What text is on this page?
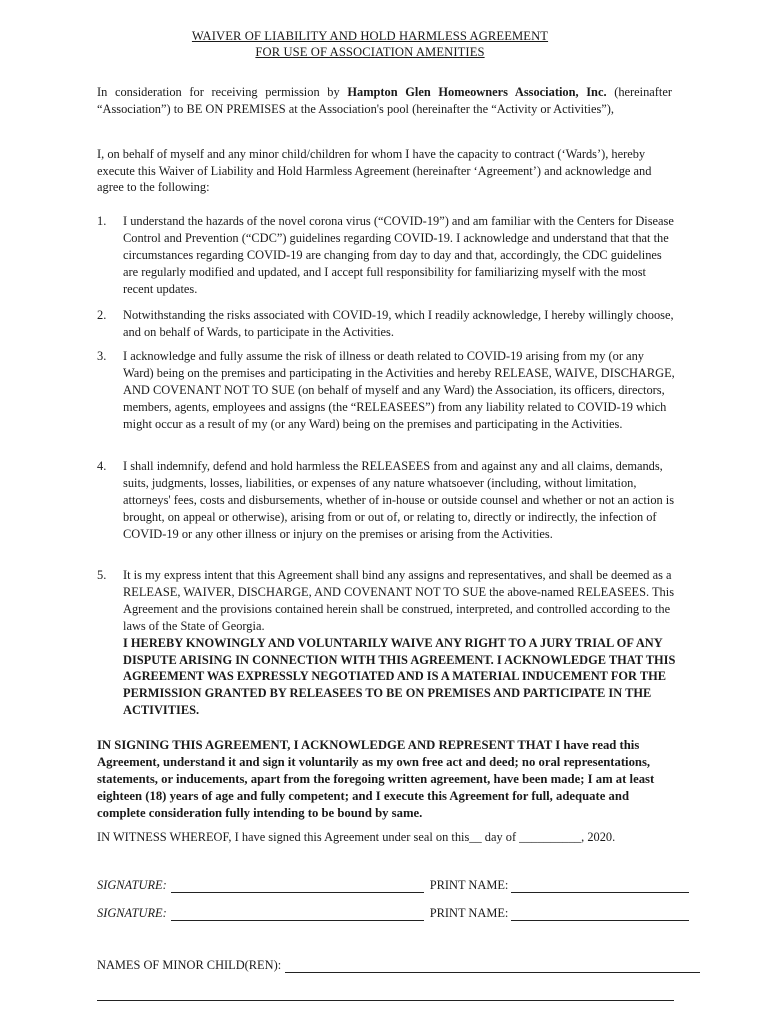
WAIVER OF LIABILITY AND HOLD HARMLESS AGREEMENT
FOR USE OF ASSOCIATION AMENITIES
In consideration for receiving permission by Hampton Glen Homeowners Association, Inc. (hereinafter “Association”) to BE ON PREMISES at the Association's pool (hereinafter the “Activity or Activities”),
I, on behalf of myself and any minor child/children for whom I have the capacity to contract (‘Wards’), hereby execute this Waiver of Liability and Hold Harmless Agreement (hereinafter ‘Agreement’) and acknowledge and agree to the following:
1. I understand the hazards of the novel corona virus (“COVID-19”) and am familiar with the Centers for Disease Control and Prevention (“CDC”) guidelines regarding COVID-19. I acknowledge and understand that that the circumstances regarding COVID-19 are changing from day to day and that, accordingly, the CDC guidelines are regularly modified and updated, and I accept full responsibility for familiarizing myself with the most recent updates.
2. Notwithstanding the risks associated with COVID-19, which I readily acknowledge, I hereby willingly choose, and on behalf of Wards, to participate in the Activities.
3. I acknowledge and fully assume the risk of illness or death related to COVID-19 arising from my (or any Ward) being on the premises and participating in the Activities and hereby RELEASE, WAIVE, DISCHARGE, AND COVENANT NOT TO SUE (on behalf of myself and any Ward) the Association, its officers, directors, members, agents, employees and assigns (the “RELEASEES”) from any liability related to COVID-19 which might occur as a result of my (or any Ward) being on the premises and participating in the Activities.
4. I shall indemnify, defend and hold harmless the RELEASEES from and against any and all claims, demands, suits, judgments, losses, liabilities, or expenses of any nature whatsoever (including, without limitation, attorneys' fees, costs and disbursements, whether of in-house or outside counsel and whether or not an action is brought, on appeal or otherwise), arising from or out of, or relating to, directly or indirectly, the infection of COVID-19 or any other illness or injury on the premises or arising from the Activities.
5. It is my express intent that this Agreement shall bind any assigns and representatives, and shall be deemed as a RELEASE, WAIVER, DISCHARGE, AND COVENANT NOT TO SUE the above-named RELEASEES. This Agreement and the provisions contained herein shall be construed, interpreted, and controlled according to the laws of the State of Georgia.
I HEREBY KNOWINGLY AND VOLUNTARILY WAIVE ANY RIGHT TO A JURY TRIAL OF ANY DISPUTE ARISING IN CONNECTION WITH THIS AGREEMENT. I ACKNOWLEDGE THAT THIS AGREEMENT WAS EXPRESSLY NEGOTIATED AND IS A MATERIAL INDUCEMENT FOR THE PERMISSION GRANTED BY RELEASEES TO BE ON PREMISES AND PARTICIPATE IN THE ACTIVITIES.
IN SIGNING THIS AGREEMENT, I ACKNOWLEDGE AND REPRESENT THAT I have read this Agreement, understand it and sign it voluntarily as my own free act and deed; no oral representations, statements, or inducements, apart from the foregoing written agreement, have been made; I am at least eighteen (18) years of age and fully competent; and I execute this Agreement for full, adequate and complete consideration fully intending to be bound by same.
IN WITNESS WHEREOF, I have signed this Agreement under seal on this__ day of __________, 2020.
SIGNATURE:	PRINT NAME:
SIGNATURE:	PRINT NAME:
NAMES OF MINOR CHILD(REN):
